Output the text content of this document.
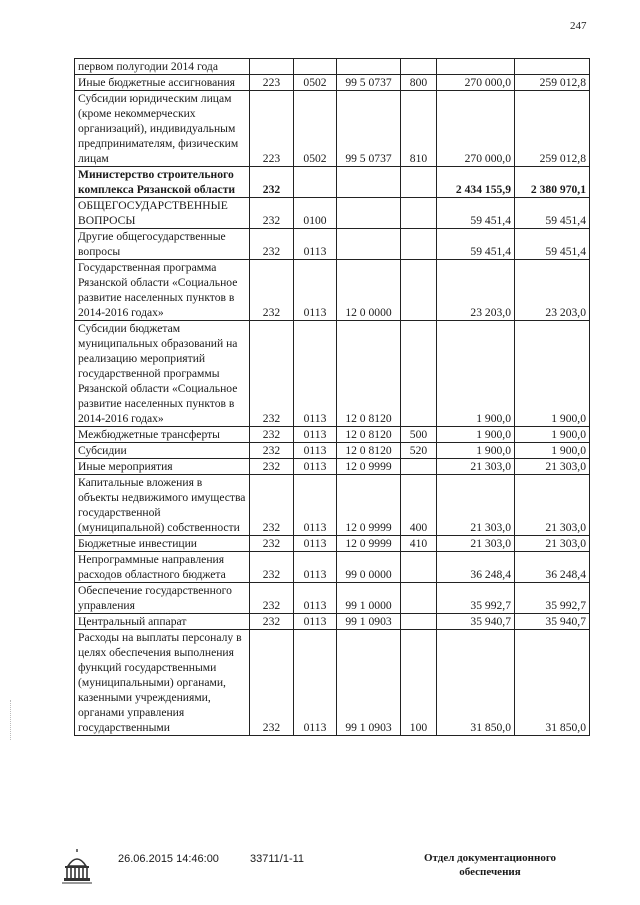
247
первом полугодии 2014 года						
Иные бюджетные ассигнования	223	0502	99 5 0737	800	270 000,0	259 012,8
Субсидии юридическим лицам (кроме некоммерческих организаций), индивидуальным предпринимателям, физическим лицам	223	0502	99 5 0737	810	270 000,0	259 012,8
Министерство строительного комплекса Рязанской области	232				2 434 155,9	2 380 970,1
ОБЩЕГОСУДАРСТВЕННЫЕ ВОПРОСЫ	232	0100			59 451,4	59 451,4
Другие общегосударственные вопросы	232	0113			59 451,4	59 451,4
Государственная программа Рязанской области «Социальное развитие населенных пунктов в 2014-2016 годах»	232	0113	12 0 0000		23 203,0	23 203,0
Субсидии бюджетам муниципальных образований на реализацию мероприятий государственной программы Рязанской области «Социальное развитие населенных пунктов в 2014-2016 годах»	232	0113	12 0 8120		1 900,0	1 900,0
Межбюджетные трансферты	232	0113	12 0 8120	500	1 900,0	1 900,0
Субсидии	232	0113	12 0 8120	520	1 900,0	1 900,0
Иные мероприятия	232	0113	12 0 9999		21 303,0	21 303,0
Капитальные вложения в объекты недвижимого имущества государственной (муниципальной) собственности	232	0113	12 0 9999	400	21 303,0	21 303,0
Бюджетные инвестиции	232	0113	12 0 9999	410	21 303,0	21 303,0
Непрограммные направления расходов областного бюджета	232	0113	99 0 0000		36 248,4	36 248,4
Обеспечение государственного управления	232	0113	99 1 0000		35 992,7	35 992,7
Центральный аппарат	232	0113	99 1 0903		35 940,7	35 940,7
Расходы на выплаты персоналу в целях обеспечения выполнения функций государственными (муниципальными) органами, казенными учреждениями, органами управления государственными	232	0113	99 1 0903	100	31 850,0	31 850,0
26.06.2015 14:46:00	33711/1-11	Отдел документационного
обеспечения
